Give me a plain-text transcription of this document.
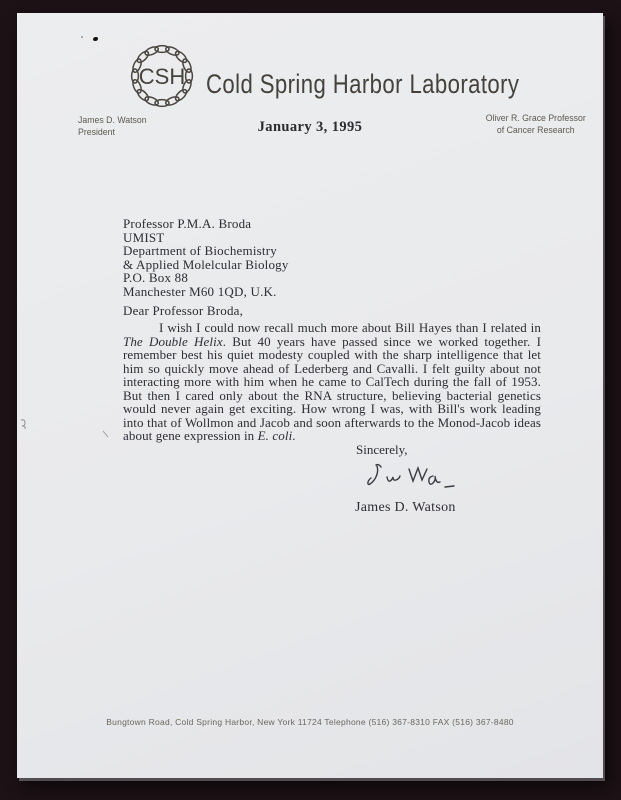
CSH Cold Spring Harbor Laboratory
James D. Watson
President	January 3, 1995
Oliver R. Grace Professor
of Cancer Research
Professor P.M.A. Broda
UMIST
Department of Biochemistry
& Applied Molelcular Biology
P.O. Box 88
Manchester M60 1QD, U.K.
Dear Professor Broda,
I wish I could now recall much more about Bill Hayes than I related in The Double Helix. But 40 years have passed since we worked together. I remember best his quiet modesty coupled with the sharp intelligence that let him so quickly move ahead of Lederberg and Cavalli. I felt guilty about not interacting more with him when he came to CalTech during the fall of 1953. But then I cared only about the RNA structure, believing bacterial genetics would never again get exciting. How wrong I was, with Bill's work leading into that of Wollmon and Jacob and soon afterwards to the Monod-Jacob ideas about gene expression in E. coli.
Sincerely,
James D. Watson
Bungtown Road, Cold Spring Harbor, New York 11724 Telephone (516) 367-8310 FAX (516) 367-8480
